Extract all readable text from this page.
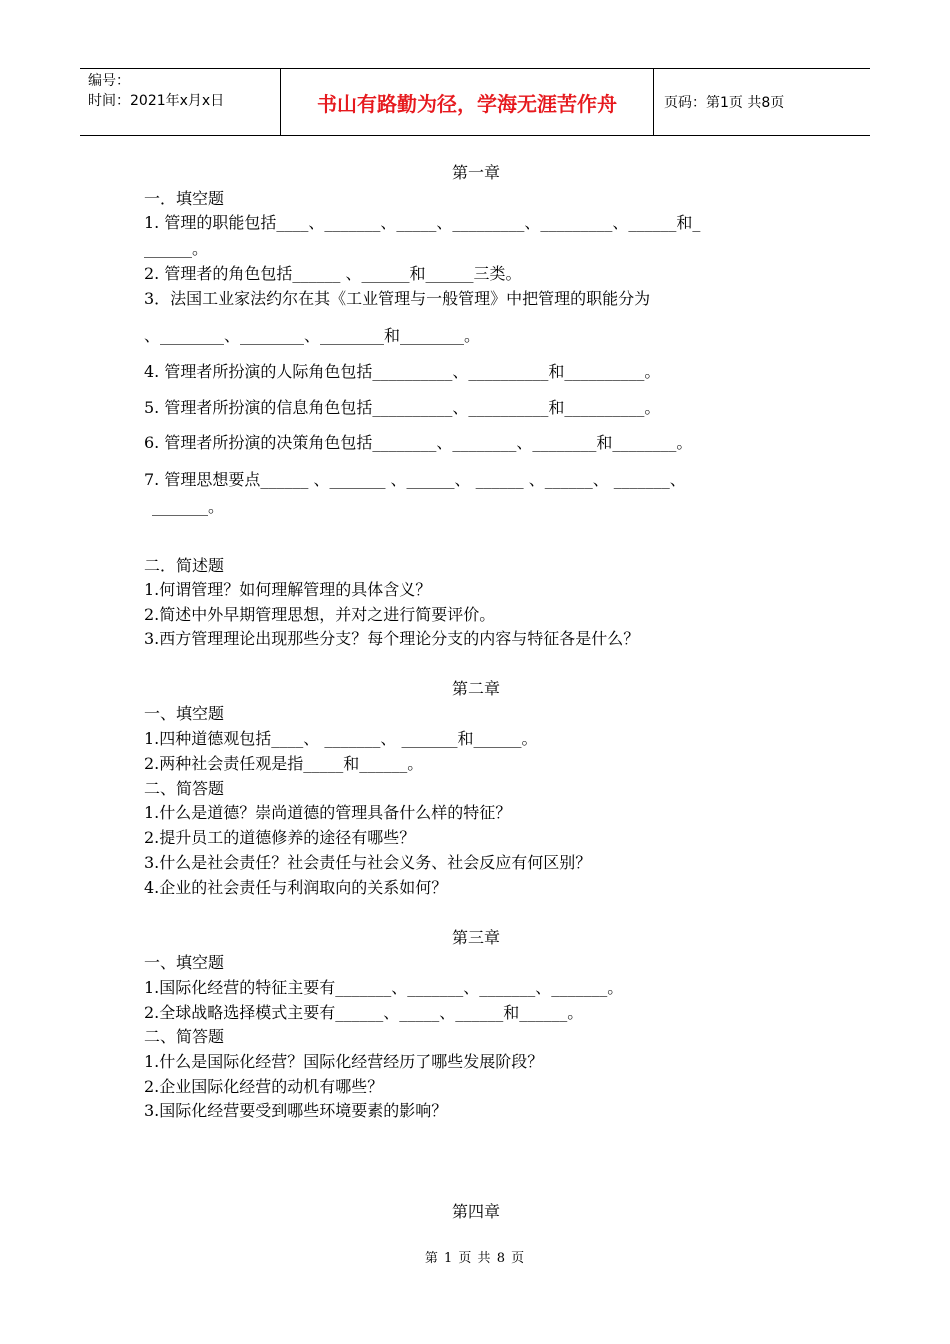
编号：
时间：2021年x月x日	书山有路勤为径，学海无涯苦作舟	页码：第1页 共8页
第一章
一．填空题
1. 管理的职能包括____、_______、_____、_________、_________、______和_
______。
2. 管理者的角色包括______ 、______和______三类。
3．法国工业家法约尔在其《工业管理与一般管理》中把管理的职能分为
、________、________、________和________。
4. 管理者所扮演的人际角色包括__________、__________和__________。
5. 管理者所扮演的信息角色包括__________、__________和__________。
6. 管理者所扮演的决策角色包括________、________、________和________。
7. 管理思想要点______ 、_______ 、______、 ______ 、______、 _______、
_______。
二．简述题
1.何谓管理？如何理解管理的具体含义？
2.简述中外早期管理思想，并对之进行简要评价。
3.西方管理理论出现那些分支？每个理论分支的内容与特征各是什么？
第二章
一、填空题
1.四种道德观包括____、 _______、 _______和______。
2.两种社会责任观是指_____和______。
二、简答题
1.什么是道德？崇尚道德的管理具备什么样的特征？
2.提升员工的道德修养的途径有哪些？
3.什么是社会责任？社会责任与社会义务、社会反应有何区别？
4.企业的社会责任与利润取向的关系如何？
第三章
一、填空题
1.国际化经营的特征主要有_______、_______、_______、_______。
2.全球战略选择模式主要有______、_____、______和______。
二、简答题
1.什么是国际化经营？国际化经营经历了哪些发展阶段？
2.企业国际化经营的动机有哪些？
3.国际化经营要受到哪些环境要素的影响？
第四章
第 1 页 共 8 页
